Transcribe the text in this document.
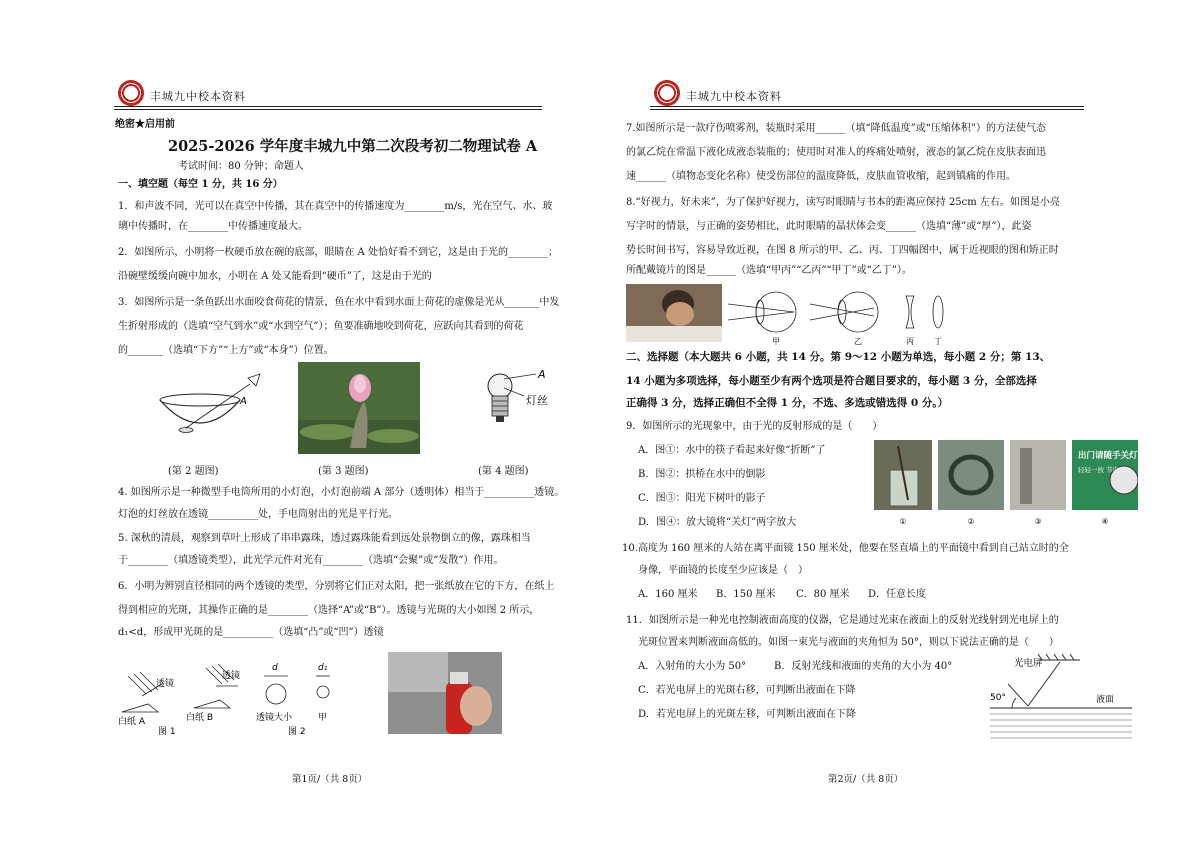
丰城九中校本资料
绝密★启用前
2025-2026 学年度丰城九中第二次段考初二物理试卷 A
考试时间：80 分钟；命题人
一、填空题（每空 1 分，共 16 分）
1．和声波不同，光可以在真空中传播，其在真空中的传播速度为________m/s，光在空气、水、玻
璃中传播时，在________中传播速度最大。
2．如图所示，小明将一枚硬币放在碗的底部，眼睛在 A 处恰好看不到它，这是由于光的________；
沿碗壁缓缓向碗中加水，小明在 A 处又能看到“硬币”了，这是由于光的
3．如图所示是一条鱼跃出水面咬食荷花的情景，鱼在水中看到水面上荷花的虚像是光从_______中发
生折射形成的（选填“空气到水”或“水到空气”）；鱼要准确地咬到荷花，应跃向其看到的荷花
的_______（选填“下方”“上方”或“本身”）位置。
A
A
灯丝
(第 2 题图)	(第 3 题图)	(第 4 题图)
4. 如图所示是一种微型手电筒所用的小灯泡，小灯泡前端 A 部分（透明体）相当于__________透镜。
灯泡的灯丝放在透镜__________处，手电筒射出的光是平行光。
5. 深秋的清晨，观察到草叶上形成了串串露珠，透过露珠能看到远处景物倒立的像，露珠相当
于________（填透镜类型），此光学元件对光有________（选填“会聚”或“发散”）作用。
6．小明为辨别直径相同的两个透镜的类型，分别将它们正对太阳，把一张纸放在它的下方，在纸上
得到相应的光斑，其操作正确的是________（选择“A”或“B”）。透镜与光斑的大小如图 2 所示，
d₁<d，形成甲光斑的是__________（选填“凸”或“凹”）透镜
透镜
透镜
白纸 A	白纸 B
d	d₁
透镜大小	甲
图 1	图 2
第1页/（共 8页）
丰城九中校本资料
7.如图所示是一款疗伤喷雾剂，装瓶时采用______（填“降低温度”或“压缩体积”）的方法使气态
的氯乙烷在常温下液化成液态装瓶的；使用时对准人的疼痛处喷射，液态的氯乙烷在皮肤表面迅
速______（填物态变化名称）使受伤部位的温度降低，皮肤血管收缩，起到镇痛的作用。
8.“好视力，好未来”，为了保护好视力，读写时眼睛与书本的距离应保持 25cm 左右。如图是小亮
写字时的情景，与正确的姿势相比，此时眼睛的晶状体会变______（选填“薄”或“厚”），此姿
势长时间书写，容易导致近视，在图 8 所示的甲、乙、丙、丁四幅图中，属于近视眼的图和矫正时
所配戴镜片的图是______（选填“甲丙”“乙丙”“甲丁”或“乙丁”）。
甲	乙	丙	丁
二、选择题（本大题共 6 小题，共 14 分。第 9～12 小题为单选，每小题 2 分；第 13、
14 小题为多项选择，每小题至少有两个选项是符合题目要求的，每小题 3 分，全部选择
正确得 3 分，选择正确但不全得 1 分，不选、多选或错选得 0 分。）
9．如图所示的光现象中，由于光的反射形成的是（　　）
A．图①：水中的筷子看起来好像“折断”了
B．图②：拱桥在水中的倒影
C．图③：阳光下树叶的影子
D．图④：放大镜将“关灯”两字放大
出门请随手关灯
轻轻一按 节电
①	②	③	④
10.高度为 160 厘米的人站在离平面镜 150 厘米处，他要在竖直墙上的平面镜中看到自己站立时的全
身像，平面镜的长度至少应该是（　）
A．160 厘米 B．150 厘米 C．80 厘米 D．任意长度
11．如图所示是一种光电控制液面高度的仪器，它是通过光束在液面上的反射光线射到光电屏上的
光斑位置来判断液面高低的。如图一束光与液面的夹角恒为 50°，则以下说法正确的是（　　）
A．入射角的大小为 50°	B．反射光线和液面的夹角的大小为 40°
C．若光电屏上的光斑右移，可判断出液面在下降
D．若光电屏上的光斑左移，可判断出液面在下降
光电屏
50°	液面
第2页/（共 8页）
